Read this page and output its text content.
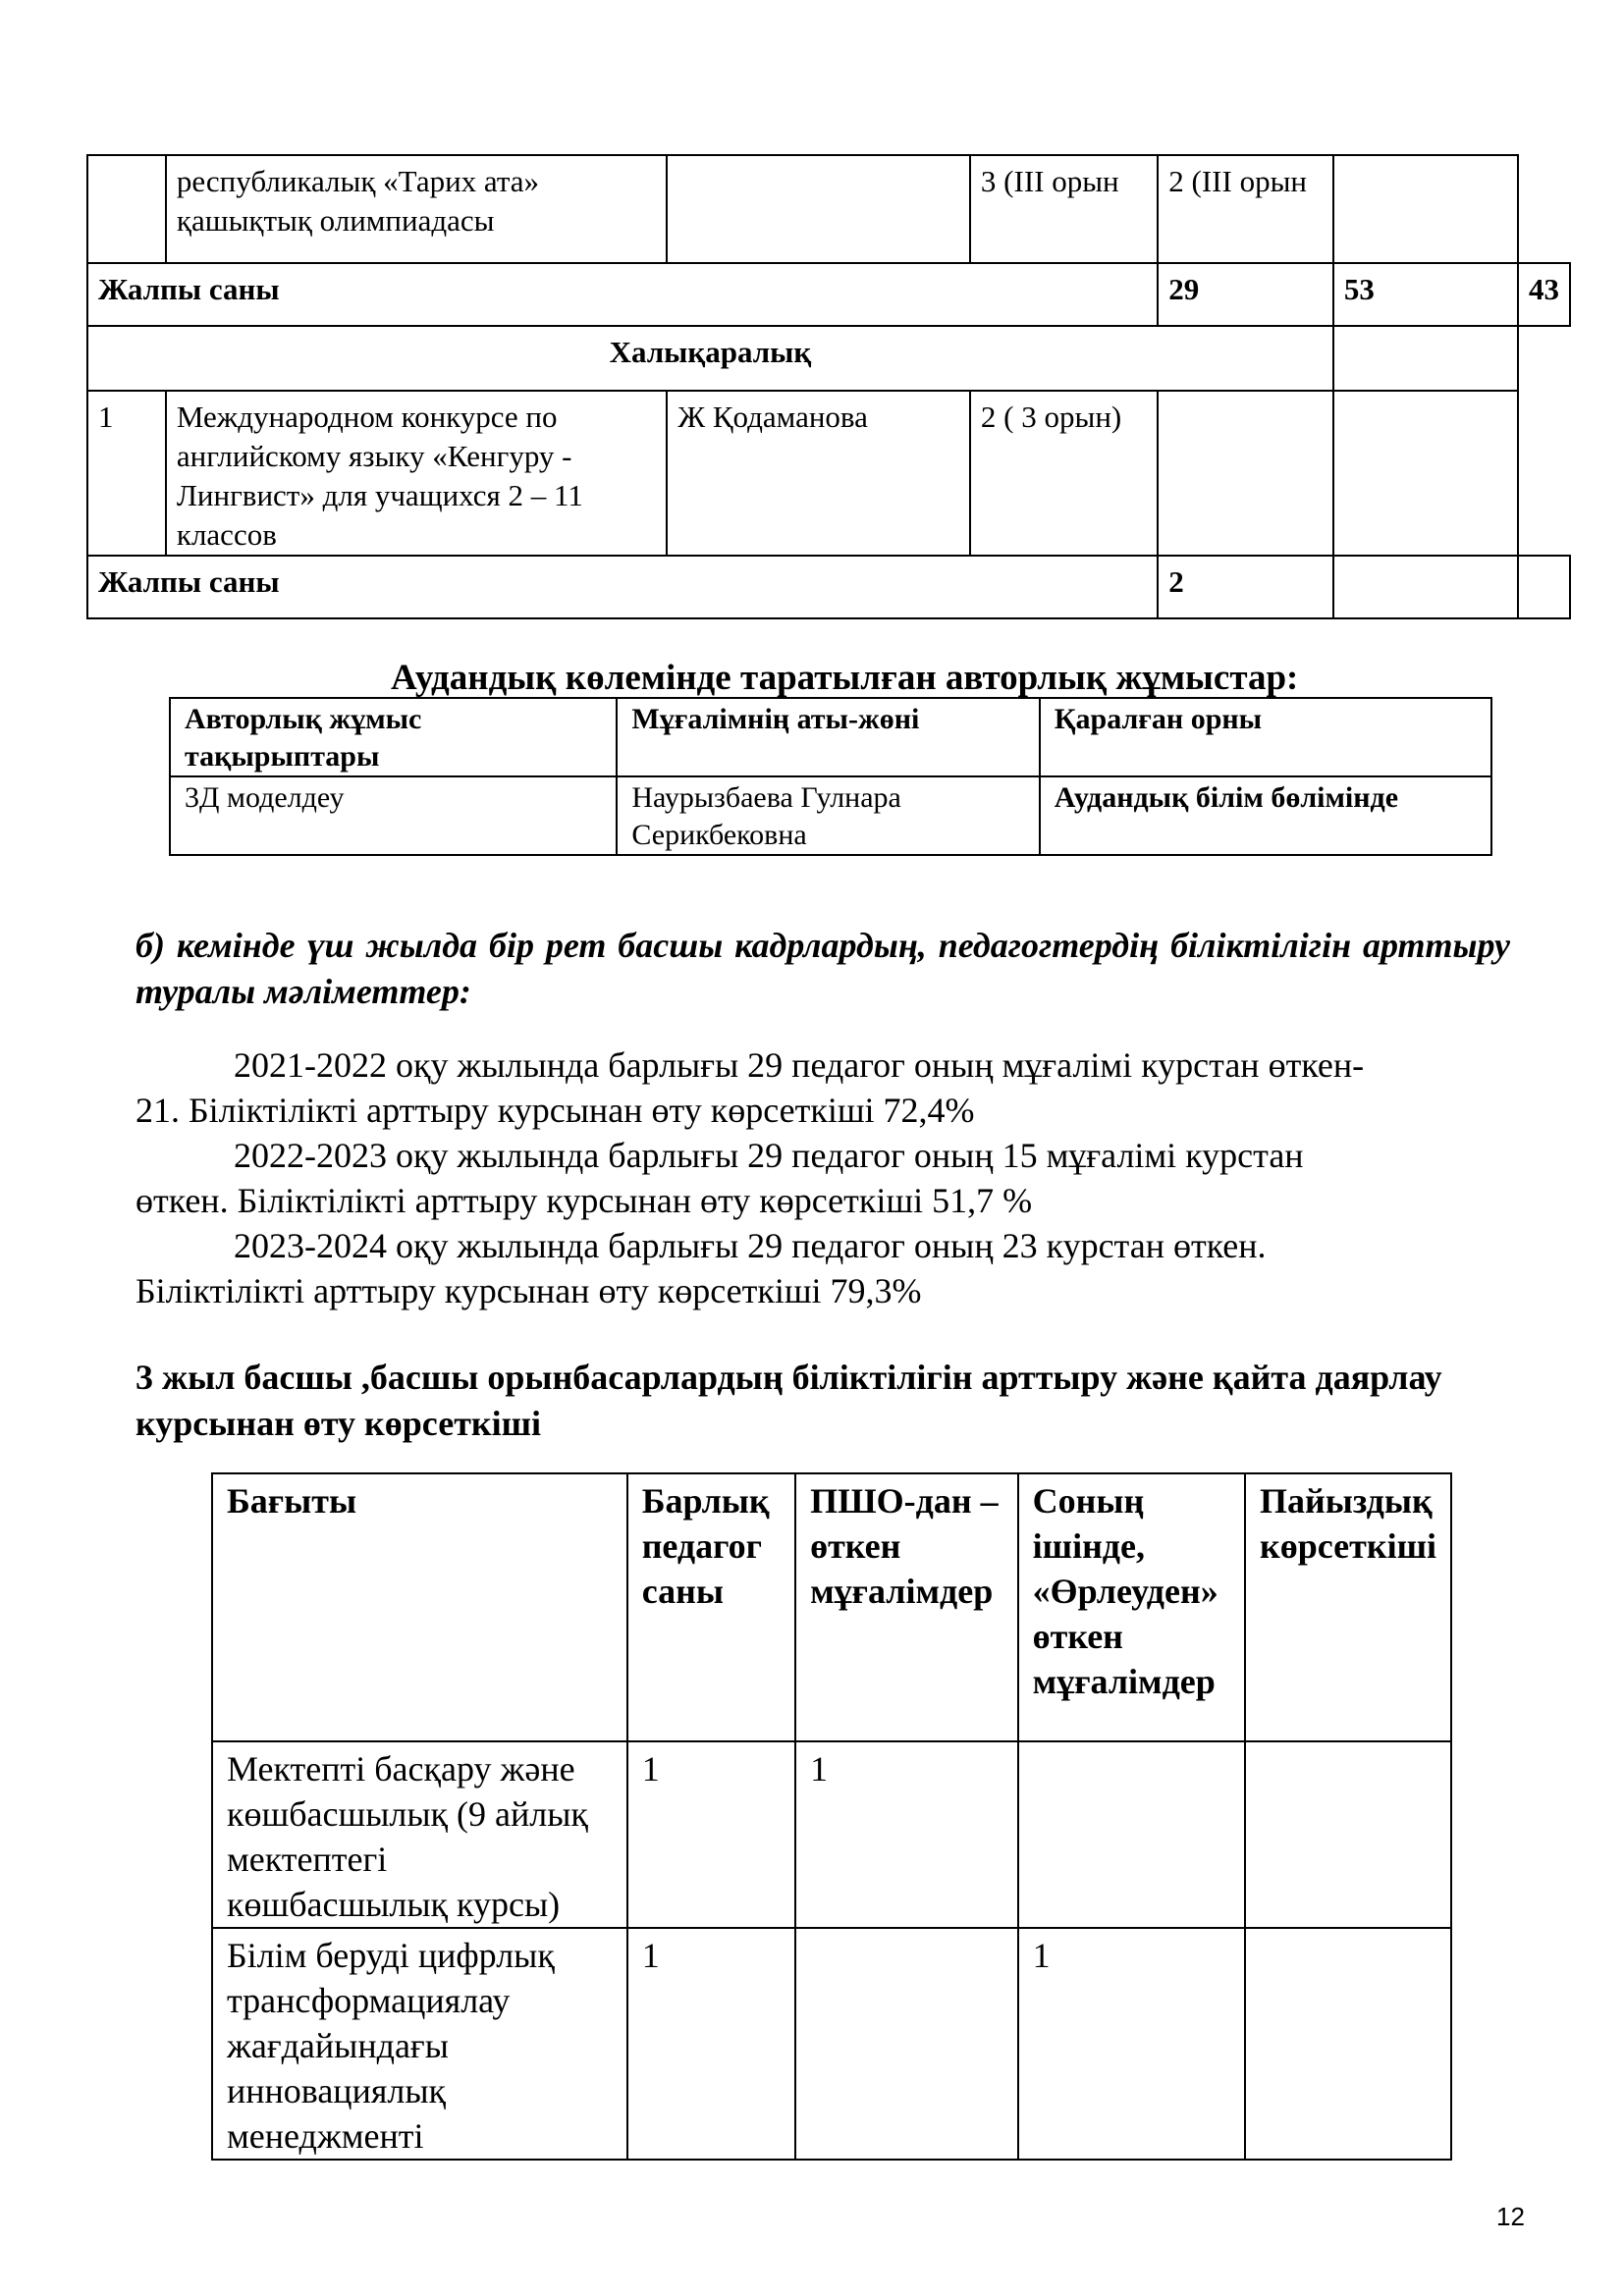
	республикалық «Тарих ата» қашықтық олимпиадасы		3 (III орын	2 (III орын		
Жалпы саны				29	53	43
Халықаралық						
1	Международном конкурсе по английскому языку «Кенгуру - Лингвист» для учащихся 2 – 11 классов	Ж Қодаманова	2 ( 3 орын)			
Жалпы саны				2		
Аудандық көлемінде таратылған авторлық жұмыстар:
Авторлық жұмыс тақырыптары	Мұғалімнің аты-жөні	Қаралған орны
3Д моделдеу	Наурызбаева Гулнара Серикбековна	Аудандық білім бөлімінде
б) кемінде үш жылда бір рет басшы кадрлардың, педагогтердің біліктілігін арттыру туралы мәліметтер:
2021-2022 оқу жылында барлығы 29 педагог оның мұғалімі курстан өткен-
21. Біліктілікті арттыру курсынан өту көрсеткіші 72,4%
2022-2023 оқу жылында барлығы 29 педагог оның 15 мұғалімі курстан
өткен. Біліктілікті арттыру курсынан өту көрсеткіші 51,7 %
2023-2024 оқу жылында барлығы 29 педагог оның 23 курстан өткен.
Біліктілікті арттыру курсынан өту көрсеткіші 79,3%
3 жыл басшы ,басшы орынбасарлардың біліктілігін арттыру және қайта даярлау курсынан өту көрсеткіші
Бағыты	Барлық педагог саны	ПШО-дан –өткен мұғалімдер	Соның ішінде, «Өрлеуден» өткен мұғалімдер	Пайыздық көрсеткіші
Мектепті басқару және көшбасшылық (9 айлық мектептегі көшбасшылық курсы)	1	1		
Білім беруді цифрлық трансформациялау жағдайындағы инновациялық менеджменті	1		1	
12
